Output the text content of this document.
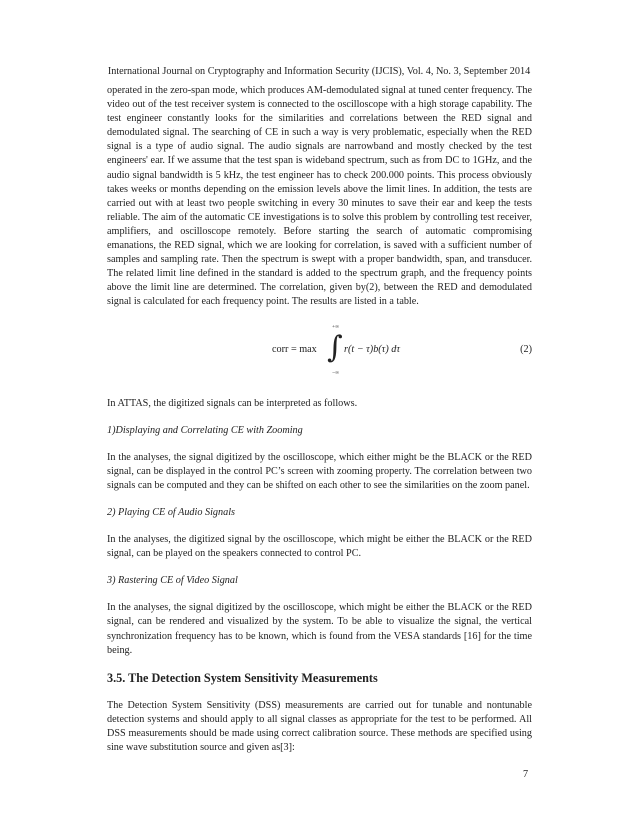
International Journal on Cryptography and Information Security (IJCIS), Vol. 4, No. 3, September 2014

operated in the zero-span mode, which produces AM-demodulated signal at tuned center frequency. The video out of the test receiver system is connected to the oscilloscope with a high storage capability. The test engineer constantly looks for the similarities and correlations between the RED signal and demodulated signal. The searching of CE in such a way is very problematic, especially when the RED signal is a type of audio signal. The audio signals are narrowband and mostly checked by the test engineers' ear. If we assume that the test span is wideband spectrum, such as from DC to 1GHz, and the audio signal bandwidth is 5 kHz, the test engineer has to check 200.000 points. This process obviously takes weeks or months depending on the emission levels above the limit lines. In addition, the tests are carried out with at least two people switching in every 30 minutes to save their ear and keep the tests reliable. The aim of the automatic CE investigations is to solve this problem by controlling test receiver, amplifiers, and oscilloscope remotely. Before starting the search of automatic compromising emanations, the RED signal, which we are looking for correlation, is saved with a sufficient number of samples and sampling rate. Then the spectrum is swept with a proper bandwidth, span, and transducer. The related limit line defined in the standard is added to the spectrum graph, and the frequency points above the limit line are determined. The correlation, given by(2), between the RED and demodulated signal is calculated for each frequency point. The results are listed in a table.

corr = max
+∞
∫
−∞
r(t − τ)b(τ) dτ	(2)

In ATTAS, the digitized signals can be interpreted as follows.

1)Displaying and Correlating CE with Zooming

In the analyses, the signal digitized by the oscilloscope, which either might be the BLACK or the RED signal, can be displayed in the control PC’s screen with zooming property. The correlation between two signals can be computed and they can be shifted on each other to see the similarities on the zoom panel.

2) Playing CE of Audio Signals

In the analyses, the digitized signal by the oscilloscope, which might be either the BLACK or the RED signal, can be played on the speakers connected to control PC.

3) Rastering CE of Video Signal

In the analyses, the signal digitized by the oscilloscope, which might be either the BLACK or the RED signal, can be rendered and visualized by the system. To be able to visualize the signal, the vertical synchronization frequency has to be known, which is found from the VESA standards [16] for the time being.

3.5. The Detection System Sensitivity Measurements

The Detection System Sensitivity (DSS) measurements are carried out for tunable and nontunable detection systems and should apply to all signal classes as appropriate for the test to be performed. All DSS measurements should be made using correct calibration source. These methods are specified using sine wave substitution source and given as[3]:

7
